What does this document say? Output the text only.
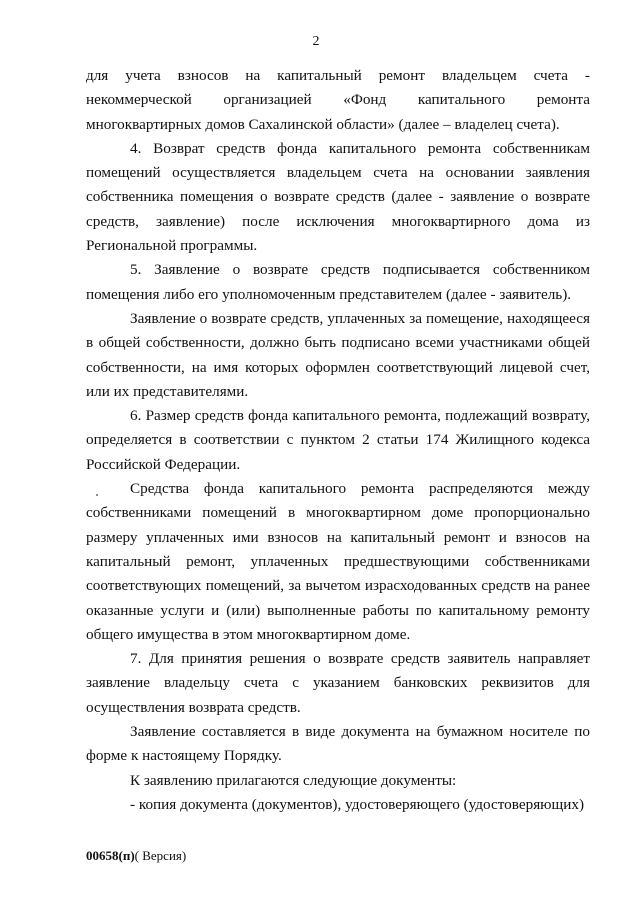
2

для учета взносов на капитальный ремонт владельцем счета - некоммерческой организацией «Фонд капитального ремонта многоквартирных домов Сахалинской области» (далее – владелец счета).

4. Возврат средств фонда капитального ремонта собственникам помещений осуществляется владельцем счета на основании заявления собственника помещения о возврате средств (далее - заявление о возврате средств, заявление) после исключения многоквартирного дома из Региональной программы.

5. Заявление о возврате средств подписывается собственником помещения либо его уполномоченным представителем (далее - заявитель).

Заявление о возврате средств, уплаченных за помещение, находящееся в общей собственности, должно быть подписано всеми участниками общей собственности, на имя которых оформлен соответствующий лицевой счет, или их представителями.

6. Размер средств фонда капитального ремонта, подлежащий возврату, определяется в соответствии с пунктом 2 статьи 174 Жилищного кодекса Российской Федерации.

Средства фонда капитального ремонта распределяются между собственниками помещений в многоквартирном доме пропорционально размеру уплаченных ими взносов на капитальный ремонт и взносов на капитальный ремонт, уплаченных предшествующими собственниками соответствующих помещений, за вычетом израсходованных средств на ранее оказанные услуги и (или) выполненные работы по капитальному ремонту общего имущества в этом многоквартирном доме.

7. Для принятия решения о возврате средств заявитель направляет заявление владельцу счета с указанием банковских реквизитов для осуществления возврата средств.

Заявление составляется в виде документа на бумажном носителе по форме к настоящему Порядку.

К заявлению прилагаются следующие документы:

- копия документа (документов), удостоверяющего (удостоверяющих)

00658(п)( Версия)
